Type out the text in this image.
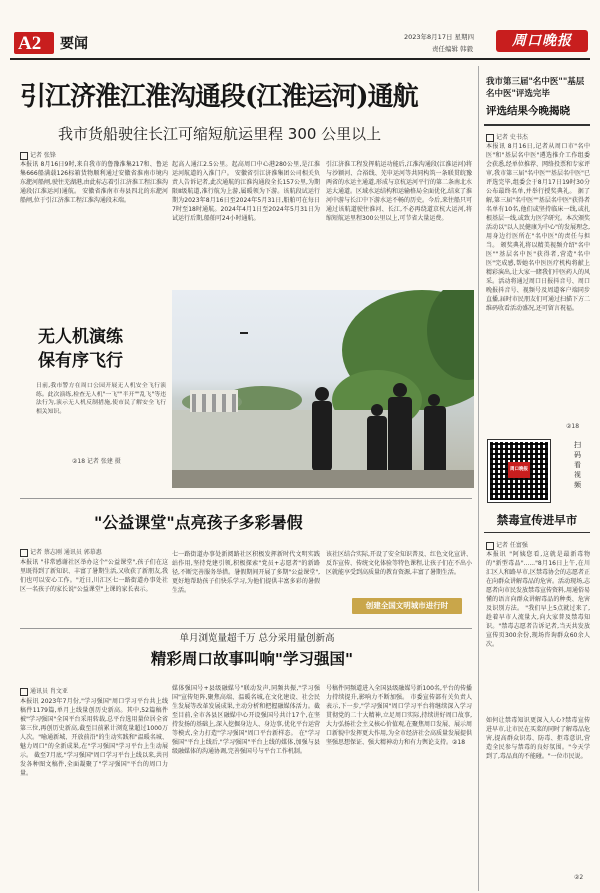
A2 要闻	2023年8月17日 星期四
责任编辑 韩毅	周口晚报
引江济淮江淮沟通段(江淮运河)通航
我市货船驶往长江可缩短航运里程 300 公里以上
记者 张锋
本报讯 8月16日9时,来自我市的鲁豫淮集217和、鲁运集666船满载126标箱货物顺利通过安徽省淮南市境内东淝河船闸,驶往芜湖港,由此标志着引江济淮工程江淮沟通段(江淮运河)通航。 安徽省淮南市寿县四北的东淝河船闸,位于引江济淮工程江淮沟通段末端。
起高人通江2.5公里。起高周口中心港280公里,是江淮运河航道的入淮门户。 安徽省引江济淮集团公司相关负责人告诉记者,此次通航的江淮沟通段全长157公里,为期限Ⅱ级航道,准行航为上游,属暖领为下游。该航段试运行期为2023年8月16日至2024年5月31日,船舶可在每日7时至18时通航。2024年4月1日至2024年5月31日为试运行后期,船舶可24小时通航。
引江济淮工程发挥航运功能后,江淮沟通段(江淮运河)将与沙颍河、合裕线、芜申运河等共同构筑一条联贯皖豫两省的水运主通道,形成与京杭运河平行的第二条南北水运大通道。区域水运结构和运输格局全面优化,结束了淮河中游与长江中下游水运不畅的历史。今后,来往船只可通过该航道驶往淮河、长江,不必再绕道京杭大运河,将缩短航运里程300公里以上,可节省大量运费。
无人机演练
保有序飞行
日前,我市警方在周口公园开展无人机安全飞行演练。此次演练,检查无人机"一飞""半开""乱飞"等违法行为,演示无人机反制措施,使市民了解安全飞行相关知识。
②18 记者 张建 摄
我市第三届"名中医""基层名中医"评选完毕
评选结果今晚揭晓
记者 史书杰
本报讯 8月16日,记者从周口市"名中医"和"基层名中医"遴选推介工作组委会获悉,经单位推荐、网络投票和专家评审,我市第三届"名中医""基层名中医"已评选完毕,组委会于8月17日19时30分公布最终名单,并举行授奖典礼。 据了解,第三届"名中医""基层名中医"获得者名单有10名,他们或坚持临床一线,或扎根基层一线,或致力医学研究。本次颁奖活动以"以人民健康为中心"的发展理念,用身边行医所在"名中医"的责任与担当。 颁奖典礼将以精美视频介绍"名中医""基层名中医"获得者,营造"名中医"完成感,帮她名中医医疗机构将献上精彩演出,让大家一睹我们中医药人的风采。活动将通过周口日报抖音号、周口晚报抖音号、视频号及周道客户端同步直播,届时市民朋友们可通过扫描下方二维码收看活动盛况,还可留言祝福。
②18
周口晚报
扫码看视频
禁毒宣传进早市
记者 任富强
本报讯 "阿姨您看,这就是最新毒物的"新型毒品"......"8月16日上午,在川汇区人和路早市,区禁毒协会的志愿者正在向群众讲解毒品的危害。活动现场,志愿者向市民发放禁毒宣传资料,用通俗易懂的语言向群众讲解毒品的种类、危害及识别方法。 "我们早上5点就过来了,趁着早市人流量大,向大家普及禁毒知识。"禁毒志愿者告诉记者,当天共发放宣传页300余份,现场咨询群众60余人次。
如何让禁毒知识更深入人心?禁毒宣传进早市,让市民在买菜的同时了解毒品危害,提高群众识毒、防毒、拒毒意识,营造全民参与禁毒的良好氛围。"今天学到了,毒品真的不能碰。"一位市民说。
②2
"公益课堂"点亮孩子多彩暑假
记者 蔡志刚 通讯员 郭慕惠
本报讯 "非常感谢社区举办这个"公益课堂",孩子们在这里既得到了新知识、丰富了暑期生活,又收获了新朋友,我们也可以安心工作。"近日,川汇区七一路街道办事处社区一名孩子的家长说"公益课堂"上课的家长表示。
七一路街道办事处新阅路社区积极发挥新时代文明实践站作用,坚持党建引领,积极探索"党员+志愿者"的新路径,不断完善服务举措。暑假期间开展了多期"公益课堂",更好地帮助孩子们快乐学习,为他们提供丰富多彩的暑假生活。
该社区结合实际,开设了安全知识普及、红色文化宣讲、反诈宣传、传统文化体验等特色课程,让孩子们在不出小区就能享受到高质量的教育资源,丰富了暑期生活。
创建全国文明城市进行时
单月浏览量超千万 总分采用量创新高
精彩周口故事叫响"学习强国"
通讯员 肖文亚
本报讯 2023年7月份,"学习强国"周口学习平台共上线稿件1179篇,单月上线量创历史新高。其中,52篇稿件被"学习强国"全国平台采用转载,总平台选用量位居全省第三位,再创历史新高,截至目前累计浏览量超过1000万人次。"喻通新城、开放前沿"的生动实践和"温暖名城、魅力周口"的全新成果,在"学习强国"学习平台上生动展示。 截至7月底,"学习强国"周口学习平台上线以来,共刊发各种图文稿件,全面凝聚了"学习强国"平台的周口力量。
媒体强国号+县级融媒号"联动发声,同频共振,"学习强国"宣传矩阵,聚焦高端、温暖名城,在文化建设、社会民生发展等改革发展成果,主动分析和把握融媒体活力。截至目前,全市各县区融媒中心开设强国号共计17个,在坚持发扬的基础上,深入挖掘身边人、身边事,优化平台运营等模式,全力打造"学习强国"周口平台新样态。 在"学习强国"平台上线后,"学习强国"平台上线的媒体,加强与县级融媒体的沟通协调,完善强国号与平台工作机制。
号稿件同频道进入全国县级融媒号新100名,平台的传播力持续提升,影响力不断加强。 市委宣传部有关负责人表示,下一步,"学习强国"周口学习平台将继续深入学习贯彻党的二十大精神,立足周口实际,持续讲好周口故事,大力弘扬社会主义核心价值观,在聚焦周口发展、展示周口新貌中发挥更大作用,为全市经济社会高质量发展提供坚强思想保证、强大精神动力和有力舆论支持。②18
